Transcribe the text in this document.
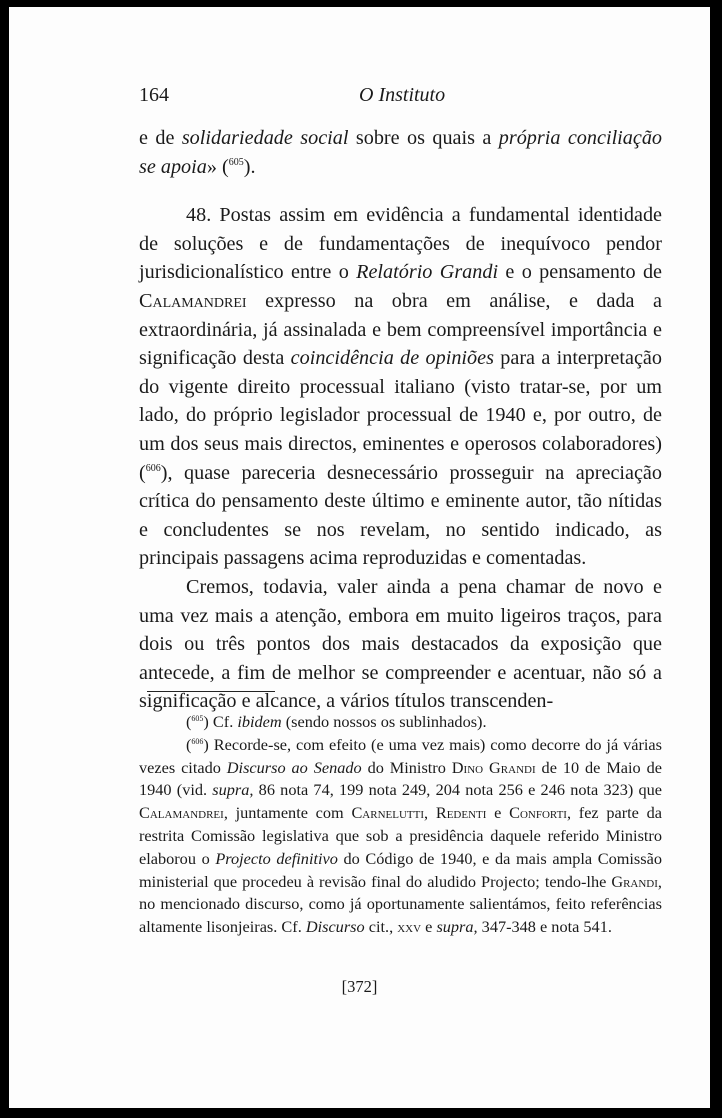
164	O Instituto

e de solidariedade social sobre os quais a própria conciliação se apoia» ($^{605}$).

48. Postas assim em evidência a fundamental identidade de soluções e de fundamentações de inequívoco pendor jurisdicionalístico entre o Relatório Grandi e o pensamento de Calamandrei expresso na obra em análise, e dada a extraordinária, já assinalada e bem compreensível importância e significação desta coincidência de opiniões para a interpretação do vigente direito processual italiano (visto tratar-se, por um lado, do próprio legislador processual de 1940 e, por outro, de um dos seus mais directos, eminentes e operosos colaboradores) ($^{606}$), quase pareceria desnecessário prosseguir na apreciação crítica do pensamento deste último e eminente autor, tão nítidas e concludentes se nos revelam, no sentido indicado, as principais passagens acima reproduzidas e comentadas.

Cremos, todavia, valer ainda a pena chamar de novo e uma vez mais a atenção, embora em muito ligeiros traços, para dois ou três pontos dos mais destacados da exposição que antecede, a fim de melhor se compreender e acentuar, não só a significação e alcance, a vários títulos transcenden-

($^{605}$) Cf. ibidem (sendo nossos os sublinhados).

($^{606}$) Recorde-se, com efeito (e uma vez mais) como decorre do já várias vezes citado Discurso ao Senado do Ministro Dino Grandi de 10 de Maio de 1940 (vid. supra, 86 nota 74, 199 nota 249, 204 nota 256 e 246 nota 323) que Calamandrei, juntamente com Carnelutti, Redenti e Conforti, fez parte da restrita Comissão legislativa que sob a presidência daquele referido Ministro elaborou o Projecto definitivo do Código de 1940, e da mais ampla Comissão ministerial que procedeu à revisão final do aludido Projecto; tendo-lhe Grandi, no mencionado discurso, como já oportunamente salientámos, feito referências altamente lisonjeiras. Cf. Discurso cit., xxv e supra, 347-348 e nota 541.

[372]
